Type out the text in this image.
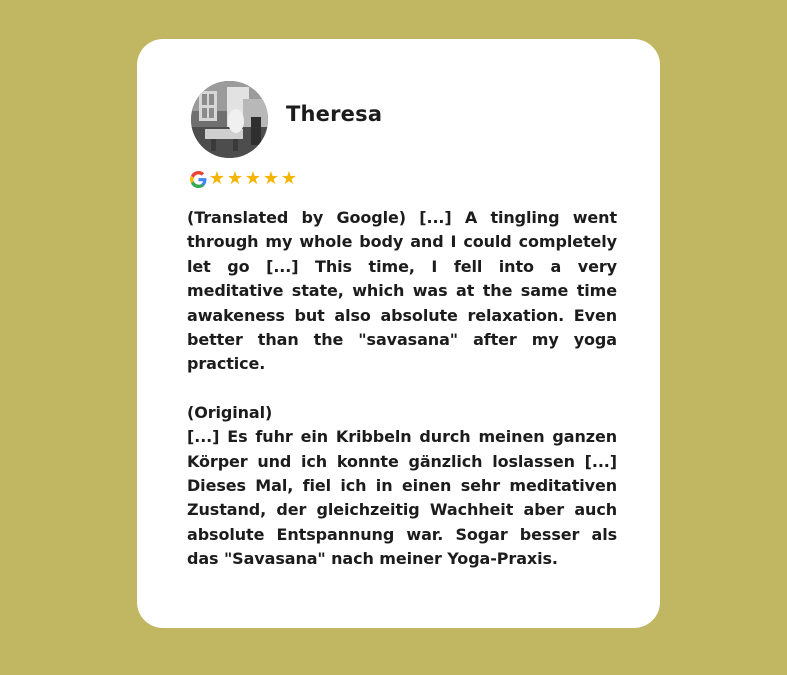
Theresa
★ ★ ★ ★ ★

(Translated by Google) [...] A tingling went through my whole body and I could completely let go [...] This time, I fell into a very meditative state, which was at the same time awakeness but also absolute relaxation. Even better than the "savasana" after my yoga practice.

(Original)

[...] Es fuhr ein Kribbeln durch meinen ganzen Körper und ich konnte gänzlich loslassen [...] Dieses Mal, fiel ich in einen sehr meditativen Zustand, der gleichzeitig Wachheit aber auch absolute Entspannung war. Sogar besser als das "Savasana" nach meiner Yoga-Praxis.
